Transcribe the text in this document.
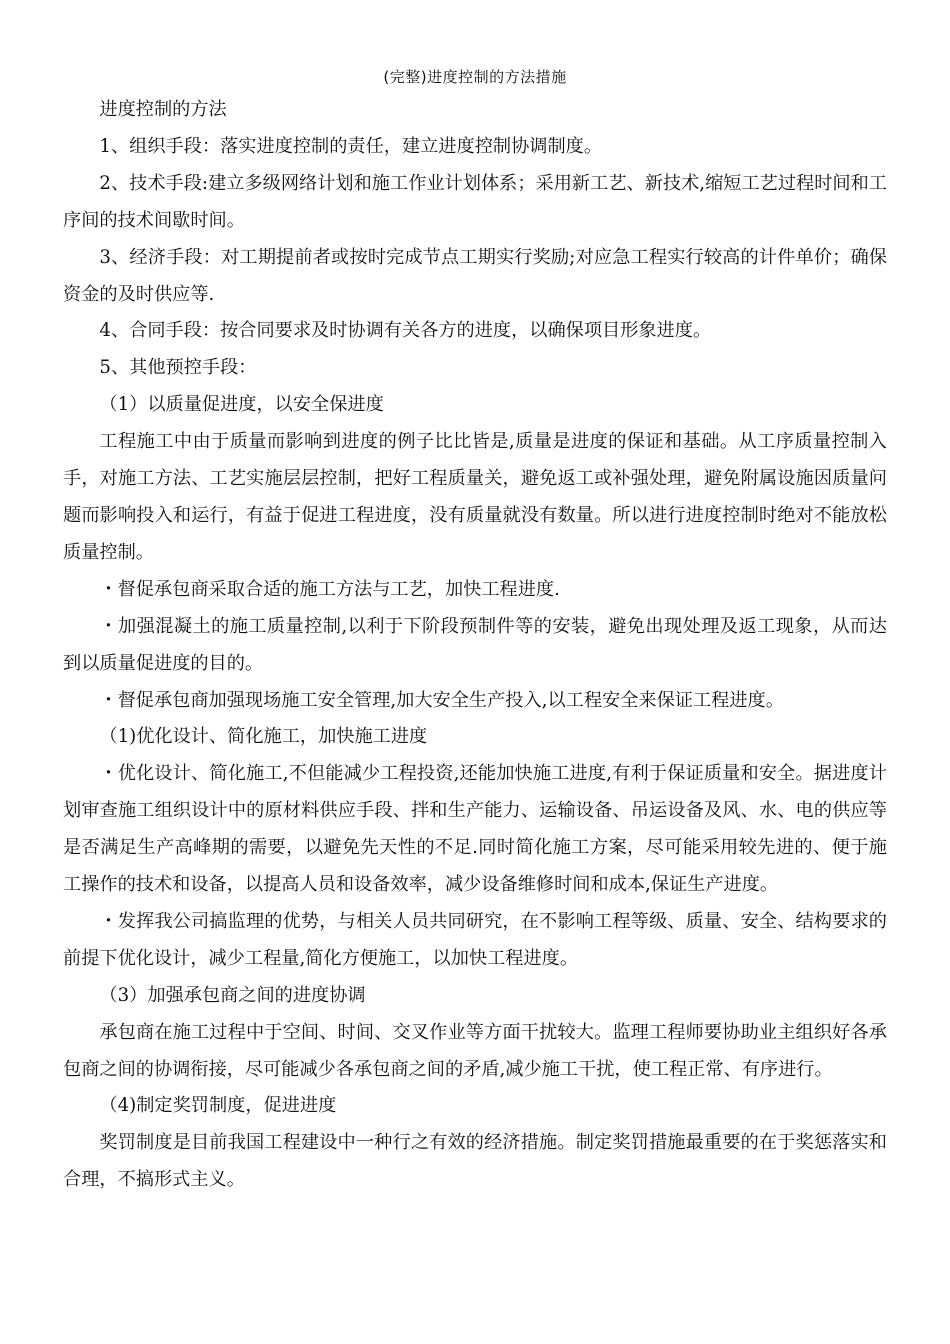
(完整)进度控制的方法措施

进度控制的方法

1、组织手段：落实进度控制的责任，建立进度控制协调制度。

2、技术手段:建立多级网络计划和施工作业计划体系；采用新工艺、新技术,缩短工艺过程时间和工序间的技术间歇时间。

3、经济手段：对工期提前者或按时完成节点工期实行奖励;对应急工程实行较高的计件单价；确保资金的及时供应等.

4、合同手段：按合同要求及时协调有关各方的进度，以确保项目形象进度。

5、其他预控手段：

（1）以质量促进度，以安全保进度

工程施工中由于质量而影响到进度的例子比比皆是,质量是进度的保证和基础。从工序质量控制入手，对施工方法、工艺实施层层控制，把好工程质量关，避免返工或补强处理，避免附属设施因质量问题而影响投入和运行，有益于促进工程进度，没有质量就没有数量。所以进行进度控制时绝对不能放松质量控制。

・督促承包商采取合适的施工方法与工艺，加快工程进度.

・加强混凝土的施工质量控制,以利于下阶段预制件等的安装，避免出现处理及返工现象，从而达到以质量促进度的目的。

・督促承包商加强现场施工安全管理,加大安全生产投入,以工程安全来保证工程进度。

（1)优化设计、简化施工，加快施工进度

・优化设计、简化施工,不但能减少工程投资,还能加快施工进度,有利于保证质量和安全。据进度计划审查施工组织设计中的原材料供应手段、拌和生产能力、运输设备、吊运设备及风、水、电的供应等是否满足生产高峰期的需要，以避免先天性的不足.同时简化施工方案，尽可能采用较先进的、便于施工操作的技术和设备，以提高人员和设备效率，减少设备维修时间和成本,保证生产进度。

・发挥我公司搞监理的优势，与相关人员共同研究，在不影响工程等级、质量、安全、结构要求的前提下优化设计，减少工程量,简化方便施工，以加快工程进度。

（3）加强承包商之间的进度协调

承包商在施工过程中于空间、时间、交叉作业等方面干扰较大。监理工程师要协助业主组织好各承包商之间的协调衔接，尽可能减少各承包商之间的矛盾,减少施工干扰，使工程正常、有序进行。

（4)制定奖罚制度，促进进度

奖罚制度是目前我国工程建设中一种行之有效的经济措施。制定奖罚措施最重要的在于奖惩落实和合理，不搞形式主义。
